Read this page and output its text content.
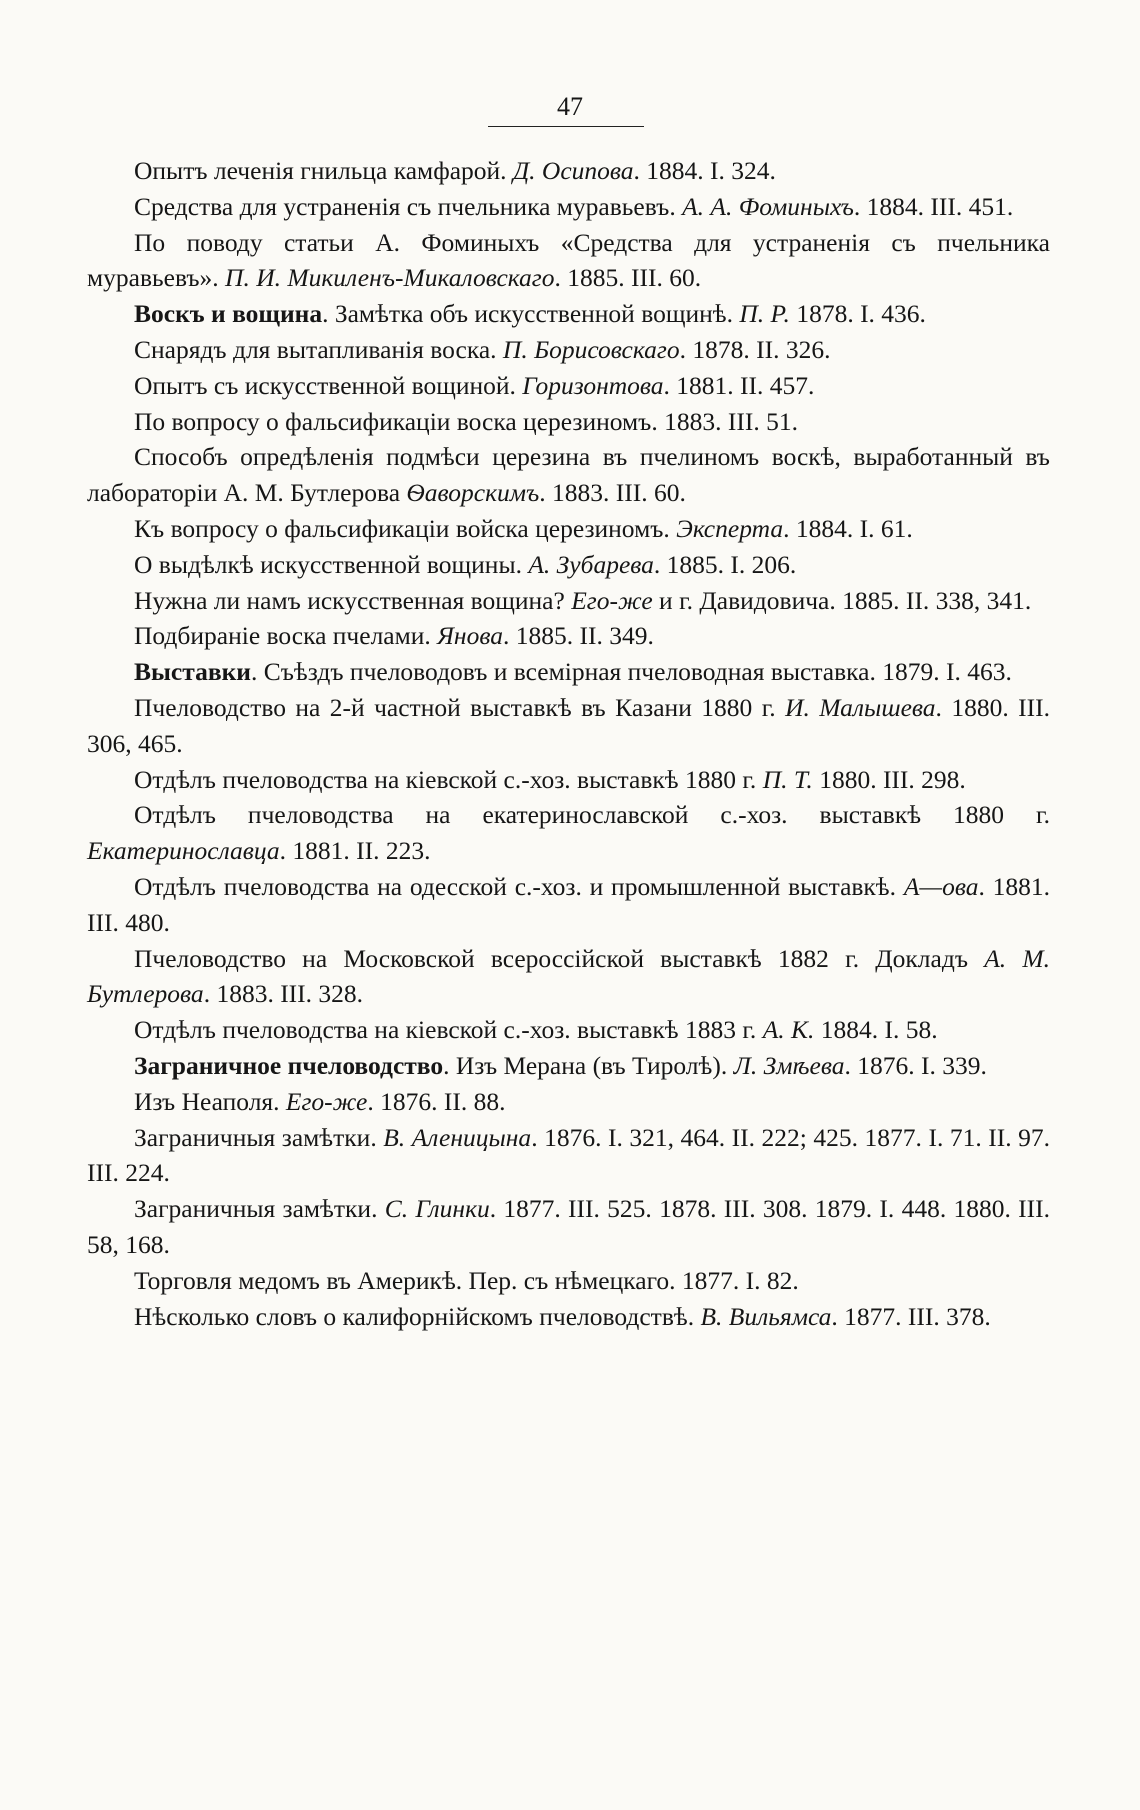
47

Опытъ леченія гнильца камфарой. Д. Осипова. 1884. I. 324.

Средства для устраненія съ пчельника муравьевъ. А. А. Фоминыхъ. 1884. III. 451.

По поводу статьи А. Фоминыхъ «Средства для устраненія съ пчельника муравьевъ». П. И. Микиленъ-Микаловскаго. 1885. III. 60.

Воскъ и вощина. Замѣтка объ искусственной вощинѣ. П. Р. 1878. I. 436.

Снарядъ для вытапливанія воска. П. Борисовскаго. 1878. II. 326.

Опытъ съ искусственной вощиной. Горизонтова. 1881. II. 457.

По вопросу о фальсификаціи воска церезиномъ. 1883. III. 51.

Способъ опредѣленія подмѣси церезина въ пчелиномъ воскѣ, выработанный въ лабораторіи А. М. Бутлерова Ѳаворскимъ. 1883. III. 60.

Къ вопросу о фальсификаціи войска церезиномъ. Эксперта. 1884. I. 61.

О выдѣлкѣ искусственной вощины. А. Зубарева. 1885. I. 206.

Нужна ли намъ искусственная вощина? Его-же и г. Давидовича. 1885. II. 338, 341.

Подбираніе воска пчелами. Янова. 1885. II. 349.

Выставки. Съѣздъ пчеловодовъ и всемірная пчеловодная выставка. 1879. I. 463.

Пчеловодство на 2-й частной выставкѣ въ Казани 1880 г. И. Малышева. 1880. III. 306, 465.

Отдѣлъ пчеловодства на кіевской с.-хоз. выставкѣ 1880 г. П. Т. 1880. III. 298.

Отдѣлъ пчеловодства на екатеринославской с.-хоз. выставкѣ 1880 г. Екатеринославца. 1881. II. 223.

Отдѣлъ пчеловодства на одесской с.-хоз. и промышленной выставкѣ. А—ова. 1881. III. 480.

Пчеловодство на Московской всероссійской выставкѣ 1882 г. Докладъ А. М. Бутлерова. 1883. III. 328.

Отдѣлъ пчеловодства на кіевской с.-хоз. выставкѣ 1883 г. А. К. 1884. I. 58.

Заграничное пчеловодство. Изъ Мерана (въ Тиролѣ). Л. Змѣева. 1876. I. 339.

Изъ Неаполя. Его-же. 1876. II. 88.

Заграничныя замѣтки. В. Аленицына. 1876. I. 321, 464. II. 222; 425. 1877. I. 71. II. 97. III. 224.

Заграничныя замѣтки. С. Глинки. 1877. III. 525. 1878. III. 308. 1879. I. 448. 1880. III. 58, 168.

Торговля медомъ въ Америкѣ. Пер. съ нѣмецкаго. 1877. I. 82.

Нѣсколько словъ о калифорнійскомъ пчеловодствѣ. В. Вильямса. 1877. III. 378.
